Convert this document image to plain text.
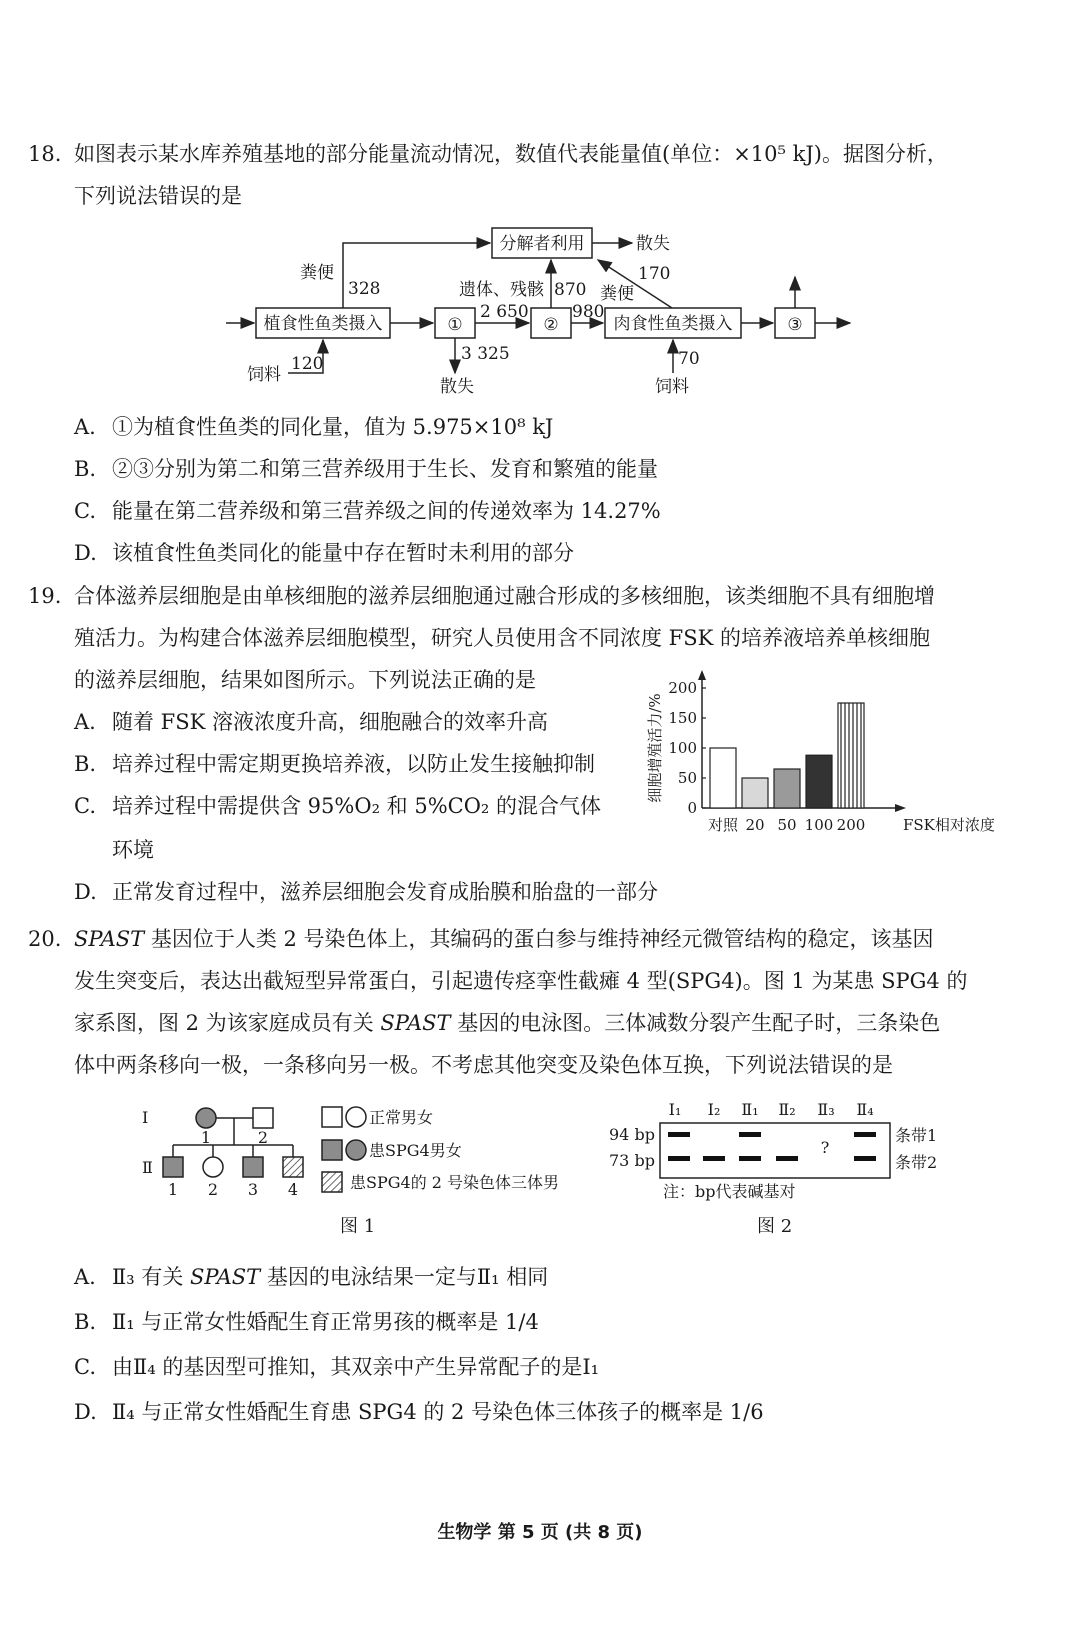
18. 如图表示某水库养殖基地的部分能量流动情况，数值代表能量值(单位：×10⁵ kJ)。据图分析，
下列说法错误的是
分解者利用
植食性鱼类摄入	①	②	肉食性鱼类摄入	③
散失
粪便
328	遗体、残骸 870
170
粪便
2 650	980
3 325
散失
饲料
120	70
饲料
A. ①为植食性鱼类的同化量，值为 5.975×10⁸ kJ
B. ②③分别为第二和第三营养级用于生长、发育和繁殖的能量
C. 能量在第二营养级和第三营养级之间的传递效率为 14.27%
D. 该植食性鱼类同化的能量中存在暂时未利用的部分
19. 合体滋养层细胞是由单核细胞的滋养层细胞通过融合形成的多核细胞，该类细胞不具有细胞增
殖活力。为构建合体滋养层细胞模型，研究人员使用含不同浓度 FSK 的培养液培养单核细胞
的滋养层细胞，结果如图所示。下列说法正确的是
A. 随着 FSK 溶液浓度升高，细胞融合的效率升高
B. 培养过程中需定期更换培养液，以防止发生接触抑制
C. 培养过程中需提供含 95%O₂ 和 5%CO₂ 的混合气体
环境
D. 正常发育过程中，滋养层细胞会发育成胎膜和胎盘的一部分
0
50
100
150
200
对照 20 50 100 200	FSK相对浓度
细胞增殖活力/%
20. SPAST 基因位于人类 2 号染色体上，其编码的蛋白参与维持神经元微管结构的稳定，该基因
发生突变后，表达出截短型异常蛋白，引起遗传痉挛性截瘫 4 型(SPG4)。图 1 为某患 SPG4 的
家系图，图 2 为该家庭成员有关 SPAST 基因的电泳图。三体减数分裂产生配子时，三条染色
体中两条移向一极，一条移向另一极。不考虑其他突变及染色体互换，下列说法错误的是
Ⅰ
Ⅱ
1	2
1 2 3 4
正常男女
患SPG4男女
患SPG4的 2 号染色体三体男
图 1
Ⅰ₁ Ⅰ₂ Ⅱ₁ Ⅱ₂ Ⅱ₃ Ⅱ₄
94 bp
73 bp
?
条带1
条带2
注：bp代表碱基对
图 2
A. Ⅱ₃ 有关 SPAST 基因的电泳结果一定与Ⅱ₁ 相同
B. Ⅱ₁ 与正常女性婚配生育正常男孩的概率是 1/4
C. 由Ⅱ₄ 的基因型可推知，其双亲中产生异常配子的是Ⅰ₁
D. Ⅱ₄ 与正常女性婚配生育患 SPG4 的 2 号染色体三体孩子的概率是 1/6
生物学 第 5 页 (共 8 页)
